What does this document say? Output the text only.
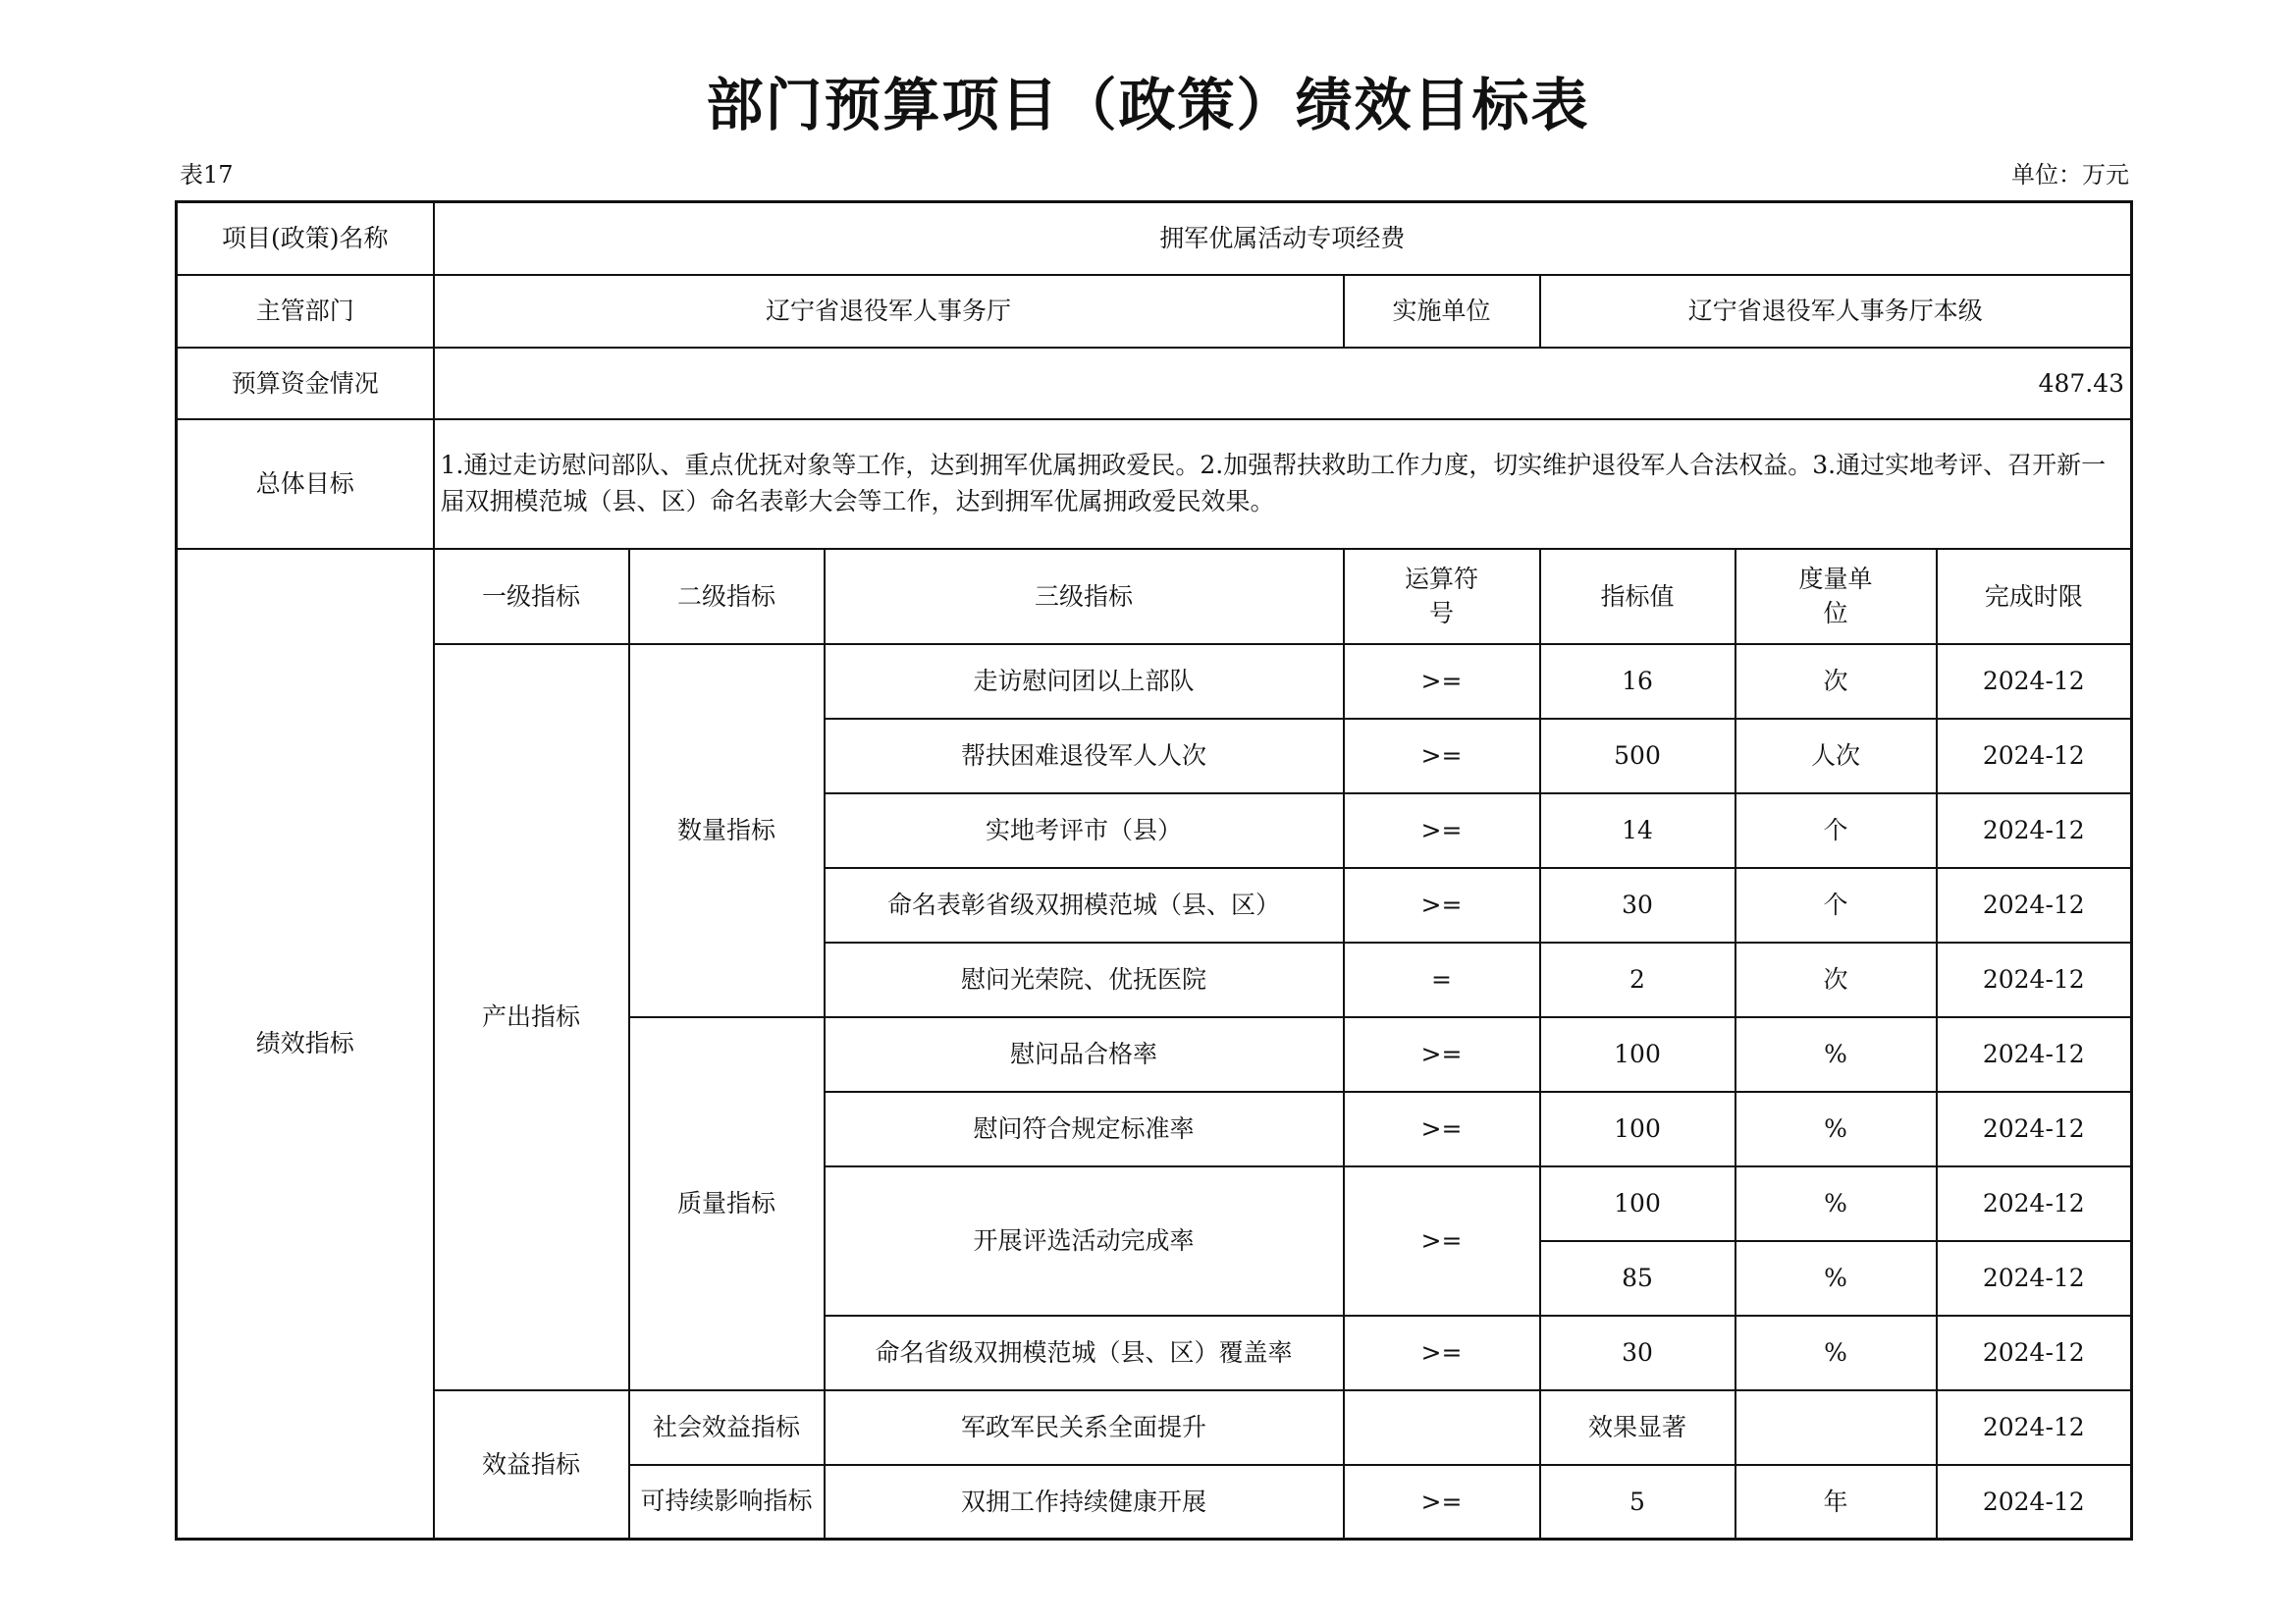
部门预算项目（政策）绩效目标表
表17	单位：万元
项目(政策)名称	拥军优属活动专项经费						
主管部门	辽宁省退役军人事务厅			实施单位	辽宁省退役军人事务厅本级		
预算资金情况	487.43						
总体目标	1.通过走访慰问部队、重点优抚对象等工作，达到拥军优属拥政爱民。2.加强帮扶救助工作力度，切实维护退役军人合法权益。3.通过实地考评、召开新一届双拥模范城（县、区）命名表彰大会等工作，达到拥军优属拥政爱民效果。						
绩效指标	一级指标	二级指标	三级指标	运算符号	指标值	度量单位	完成时限
	产出指标	数量指标	走访慰问团以上部队	>=	16	次	2024-12
			帮扶困难退役军人人次	>=	500	人次	2024-12
			实地考评市（县）	>=	14	个	2024-12
			命名表彰省级双拥模范城（县、区）	>=	30	个	2024-12
			慰问光荣院、优抚医院	=	2	次	2024-12
		质量指标	慰问品合格率	>=	100	%	2024-12
			慰问符合规定标准率	>=	100	%	2024-12
			开展评选活动完成率	>=	100	%	2024-12
					85	%	2024-12
			命名省级双拥模范城（县、区）覆盖率	>=	30	%	2024-12
	效益指标	社会效益指标	军政军民关系全面提升		效果显著		2024-12
		可持续影响指标	双拥工作持续健康开展	>=	5	年	2024-12
